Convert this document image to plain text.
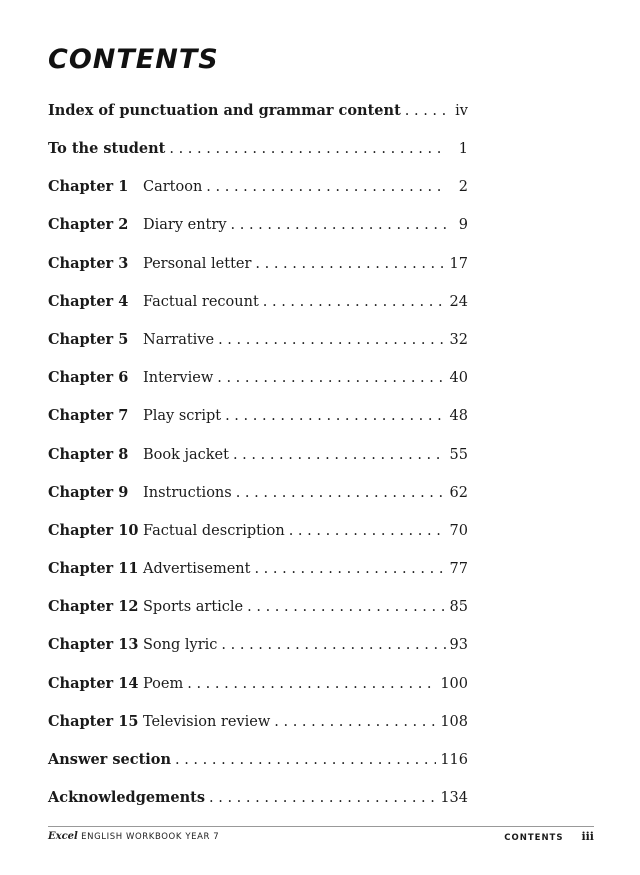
CONTENTS
Index of punctuation and grammar content . . .	iv
To the student . . .	1
Chapter 1	Cartoon . . .	2
Chapter 2	Diary entry . . .	9
Chapter 3	Personal letter . . .	17
Chapter 4	Factual recount . . .	24
Chapter 5	Narrative . . .	32
Chapter 6	Interview . . .	40
Chapter 7	Play script . . .	48
Chapter 8	Book jacket . . .	55
Chapter 9	Instructions . . .	62
Chapter 10 Factual description . . .	70
Chapter 11 Advertisement . . .	77
Chapter 12 Sports article . . .	85
Chapter 13 Song lyric . . .	93
Chapter 14 Poem . . .	100
Chapter 15 Television review . . .	108
Answer section . . .	116
Acknowledgements . . .	134
Excel ENGLISH WORKBOOK YEAR 7	CONTENTS iii
